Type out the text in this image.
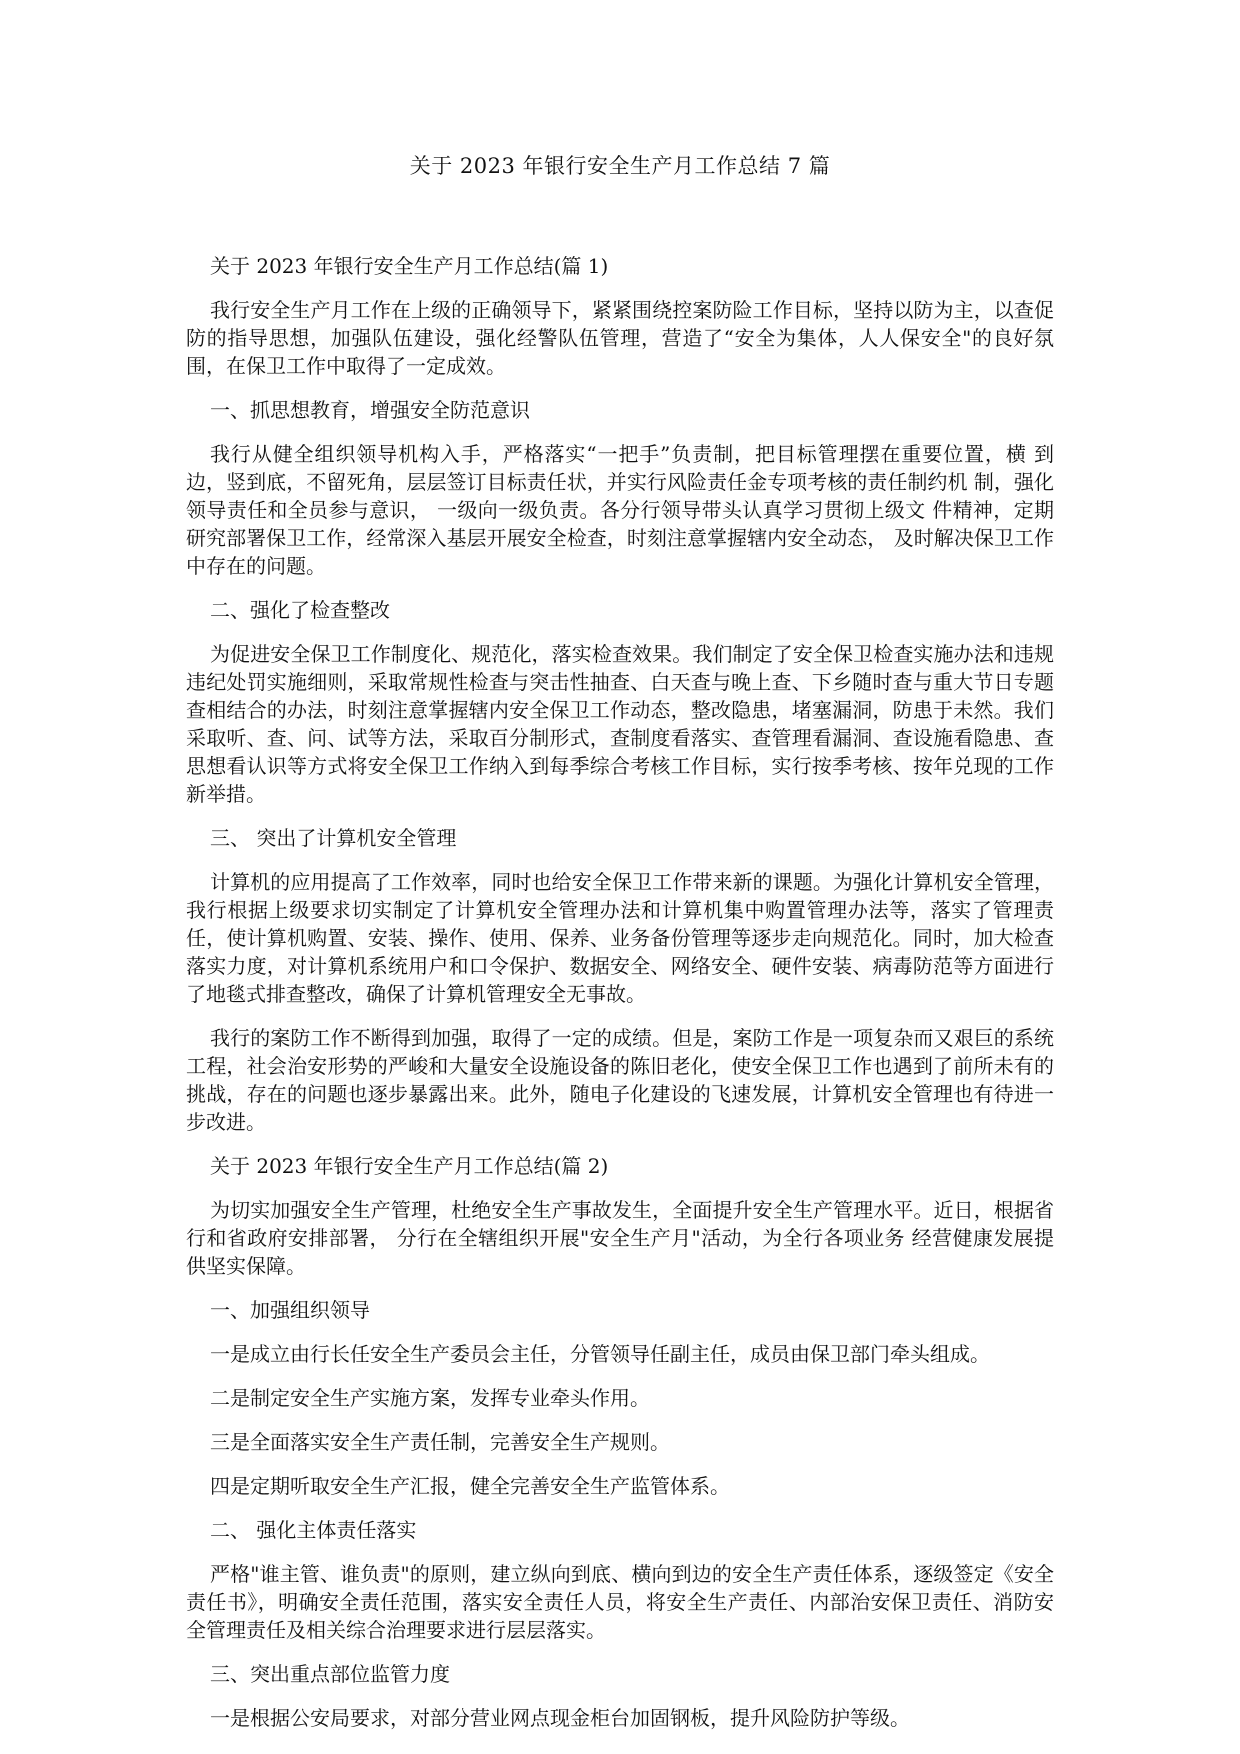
关于 2023 年银行安全生产月工作总结 7 篇
关于 2023 年银行安全生产月工作总结(篇 1)
我行安全生产月工作在上级的正确领导下，紧紧围绕控案防险工作目标，坚持以防为主，以查促防的指导思想，加强队伍建设，强化经警队伍管理，营造了“安全为集体，人人保安全"的良好氛围，在保卫工作中取得了一定成效。
一、抓思想教育，增强安全防范意识
我行从健全组织领导机构入手，严格落实“一把手”负责制，把目标管理摆在重要位置，横 到边，竖到底，不留死角，层层签订目标责任状，并实行风险责任金专项考核的责任制约机 制，强化领导责任和全员参与意识， 一级向一级负责。各分行领导带头认真学习贯彻上级文 件精神，定期研究部署保卫工作，经常深入基层开展安全检查，时刻注意掌握辖内安全动态， 及时解决保卫工作中存在的问题。
二、强化了检查整改
为促进安全保卫工作制度化、规范化，落实检查效果。我们制定了安全保卫检查实施办法和违规违纪处罚实施细则，采取常规性检查与突击性抽查、白天查与晚上查、下乡随时查与重大节日专题查相结合的办法，时刻注意掌握辖内安全保卫工作动态，整改隐患，堵塞漏洞，防患于未然。我们采取听、查、问、试等方法，采取百分制形式，查制度看落实、查管理看漏洞、查设施看隐患、查思想看认识等方式将安全保卫工作纳入到每季综合考核工作目标，实行按季考核、按年兑现的工作新举措。
三、 突出了计算机安全管理
计算机的应用提高了工作效率，同时也给安全保卫工作带来新的课题。为强化计算机安全管理，我行根据上级要求切实制定了计算机安全管理办法和计算机集中购置管理办法等，落实了管理责任，使计算机购置、安装、操作、使用、保养、业务备份管理等逐步走向规范化。同时，加大检查落实力度，对计算机系统用户和口令保护、数据安全、网络安全、硬件安装、病毒防范等方面进行了地毯式排查整改，确保了计算机管理安全无事故。
我行的案防工作不断得到加强，取得了一定的成绩。但是，案防工作是一项复杂而又艰巨的系统工程，社会治安形势的严峻和大量安全设施设备的陈旧老化，使安全保卫工作也遇到了前所未有的挑战，存在的问题也逐步暴露出来。此外，随电子化建设的飞速发展，计算机安全管理也有待进一步改进。
关于 2023 年银行安全生产月工作总结(篇 2)
为切实加强安全生产管理，杜绝安全生产事故发生，全面提升安全生产管理水平。近日，根据省行和省政府安排部署， 分行在全辖组织开展"安全生产月"活动，为全行各项业务 经营健康发展提供坚实保障。
一、加强组织领导
一是成立由行长任安全生产委员会主任，分管领导任副主任，成员由保卫部门牵头组成。
二是制定安全生产实施方案，发挥专业牵头作用。
三是全面落实安全生产责任制，完善安全生产规则。
四是定期听取安全生产汇报，健全完善安全生产监管体系。
二、 强化主体责任落实
严格"谁主管、谁负责"的原则，建立纵向到底、横向到边的安全生产责任体系，逐级签定《安全责任书》，明确安全责任范围，落实安全责任人员，将安全生产责任、内部治安保卫责任、消防安全管理责任及相关综合治理要求进行层层落实。
三、突出重点部位监管力度
一是根据公安局要求，对部分营业网点现金柜台加固钢板，提升风险防护等级。
